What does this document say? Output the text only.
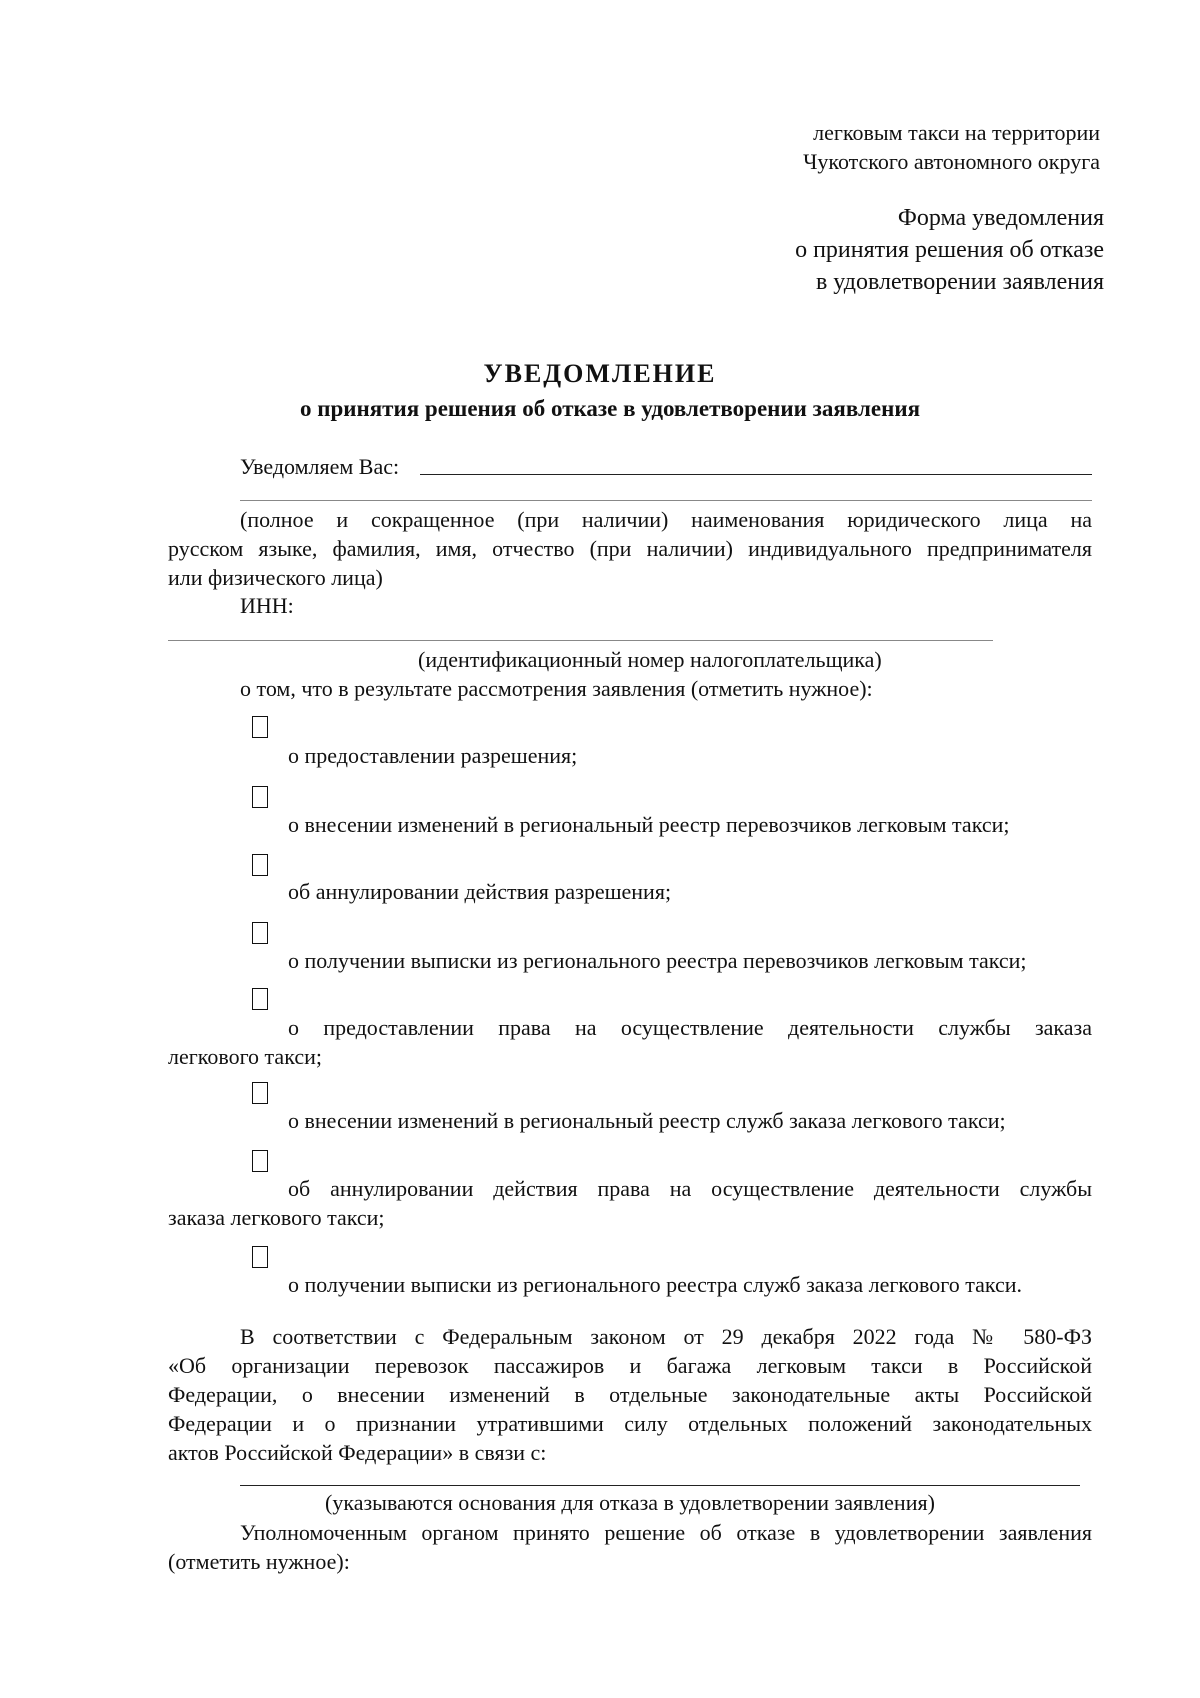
легковым такси на территории
Чукотского автономного округа
Форма уведомления
о принятия решения об отказе
в удовлетворении заявления
УВЕДОМЛЕНИЕ
о принятия решения об отказе в удовлетворении заявления
Уведомляем Вас:
(полное и сокращенное (при наличии) наименования юридического лица на
русском языке, фамилия, имя, отчество (при наличии) индивидуального предпринимателя
или физического лица)
ИНН:
(идентификационный номер налогоплательщика)
о том, что в результате рассмотрения заявления (отметить нужное):
о предоставлении разрешения;
о внесении изменений в региональный реестр перевозчиков легковым такси;
об аннулировании действия разрешения;
о получении выписки из регионального реестра перевозчиков легковым такси;
о предоставлении права на осуществление деятельности службы заказа
легкового такси;
о внесении изменений в региональный реестр служб заказа легкового такси;
об аннулировании действия права на осуществление деятельности службы
заказа легкового такси;
о получении выписки из регионального реестра служб заказа легкового такси.
В соответствии с Федеральным законом от 29 декабря 2022 года № 580-ФЗ
«Об организации перевозок пассажиров и багажа легковым такси в Российской
Федерации, о внесении изменений в отдельные законодательные акты Российской
Федерации и о признании утратившими силу отдельных положений законодательных
актов Российской Федерации» в связи с:
(указываются основания для отказа в удовлетворении заявления)
Уполномоченным органом принято решение об отказе в удовлетворении заявления
(отметить нужное):
